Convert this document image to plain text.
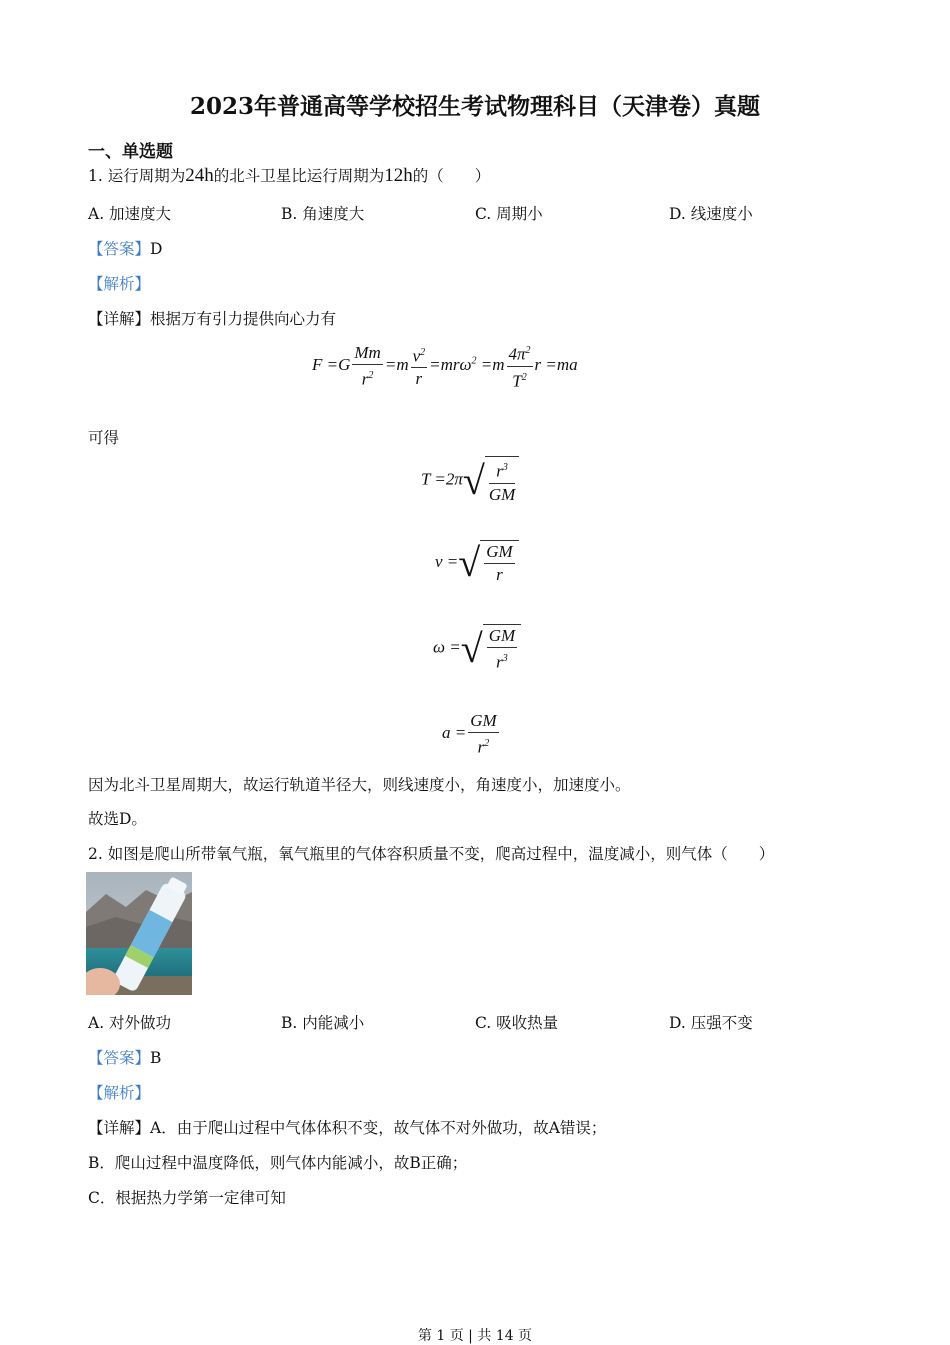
2023年普通高等学校招生考试物理科目（天津卷）真题
一、单选题
1. 运行周期为24h的北斗卫星比运行周期为12h的（　　）
A. 加速度大	B. 角速度大	C. 周期小	D. 线速度小
【答案】D
【解析】
【详解】根据万有引力提供向心力有
$F =G \frac{Mm}{r^2} =m \frac{v^2}{r} =mr\omega^2 =m \frac{4\pi^2}{T^2}$ r =ma
可得
$T =2\pi√ \frac{r^3}{GM}$
v =√ $\frac{GM}{r}$
ω =√ $\frac{GM}{r^3}$
$a = \frac{GM}{r^2}$
因为北斗卫星周期大，故运行轨道半径大，则线速度小，角速度小，加速度小。
故选D。
2. 如图是爬山所带氧气瓶，氧气瓶里的气体容积质量不变，爬高过程中，温度减小，则气体（　　）
A. 对外做功	B. 内能减小	C. 吸收热量	D. 压强不变
【答案】B
【解析】
【详解】A．由于爬山过程中气体体积不变，故气体不对外做功，故A错误；
B．爬山过程中温度降低，则气体内能减小，故B正确；
C．根据热力学第一定律可知
第 1 页 | 共 14 页
